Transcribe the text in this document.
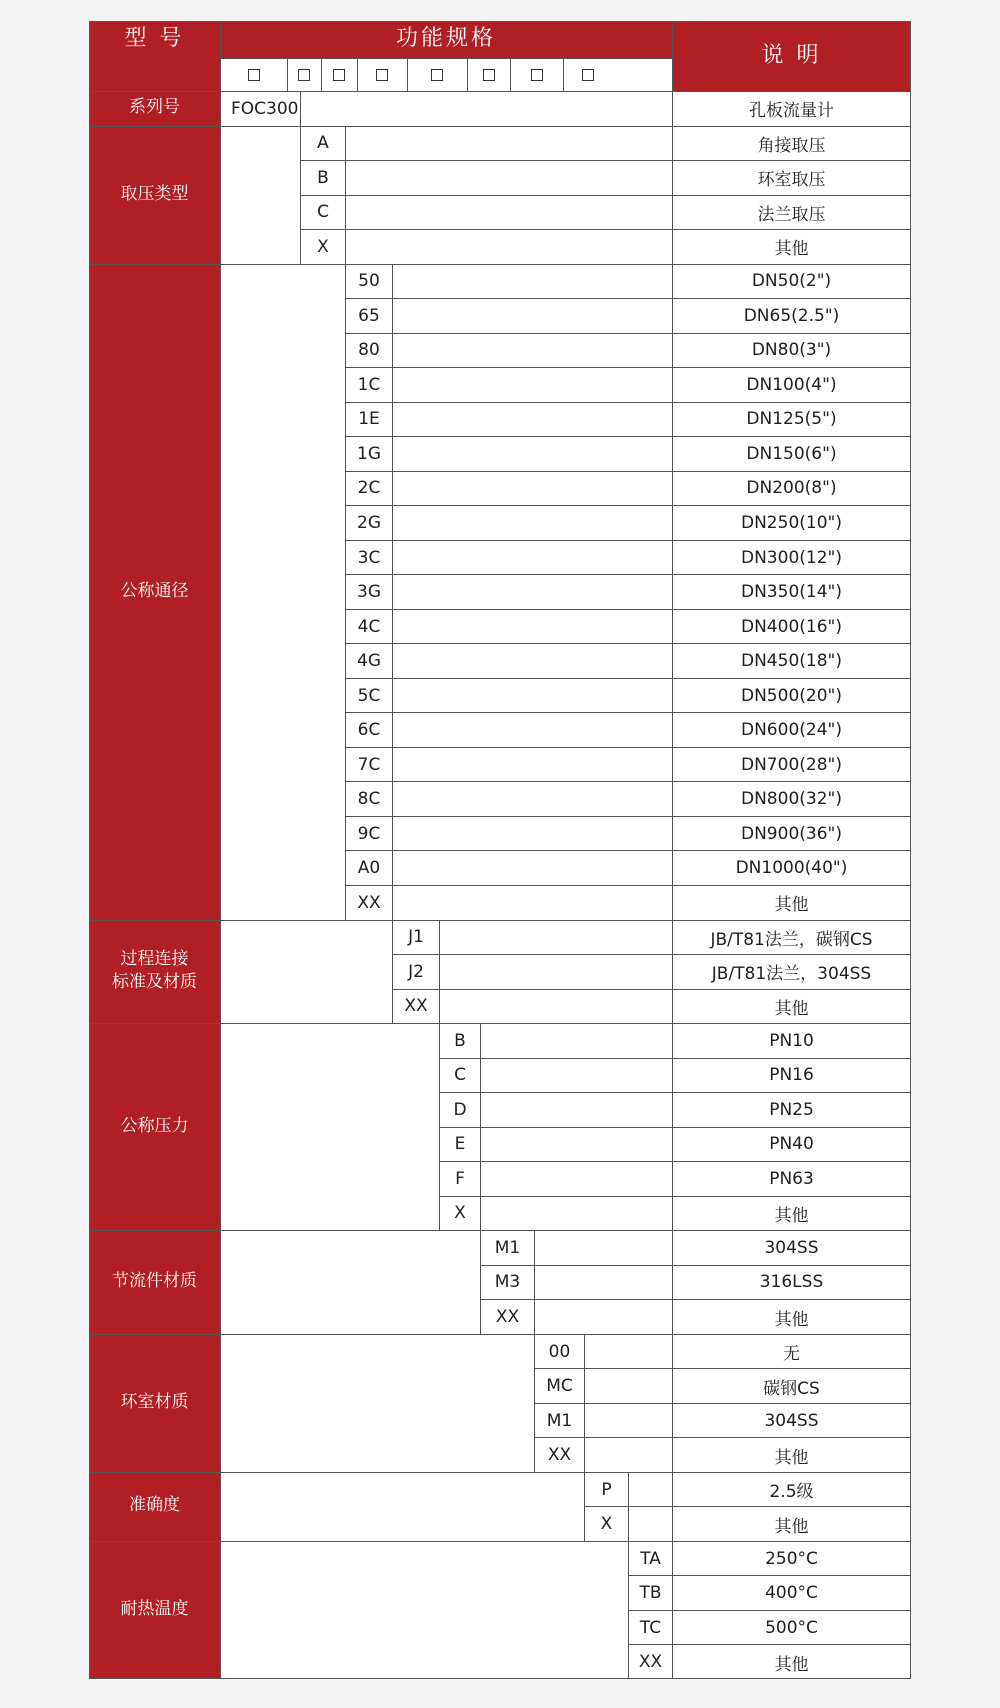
型 号	功能规格
说 明
系列号	FOC300	孔板流量计
取压类型
A	角接取压
B	环室取压
C	法兰取压
X	其他
公称通径
50	DN50(2")
65	DN65(2.5")
80	DN80(3")
1C	DN100(4")
1E	DN125(5")
1G	DN150(6")
2C	DN200(8")
2G	DN250(10")
3C	DN300(12")
3G	DN350(14")
4C	DN400(16")
4G	DN450(18")
5C	DN500(20")
6C	DN600(24")
7C	DN700(28")
8C	DN800(32")
9C	DN900(36")
A0	DN1000(40")
XX	其他
过程连接
标准及材质
J1	JB/T81法兰，碳钢CS
J2	JB/T81法兰，304SS
XX	其他
公称压力
B	PN10
C	PN16
D	PN25
E	PN40
F	PN63
X	其他
节流件材质
M1	304SS
M3	316LSS
XX	其他
环室材质
00	无
MC	碳钢CS
M1	304SS
XX	其他
准确度
P	2.5级
X	其他
耐热温度
TA	250°C
TB	400°C
TC	500°C
XX	其他
